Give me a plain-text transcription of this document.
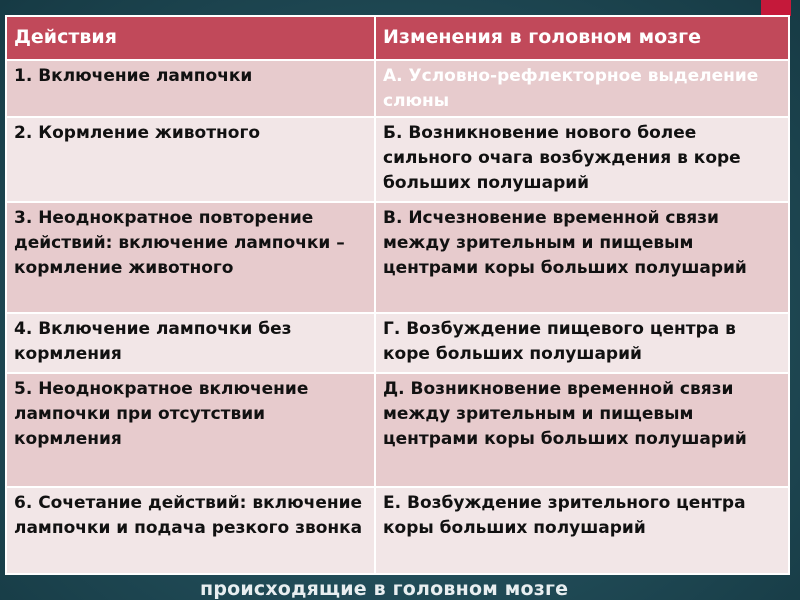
происходящие в головном мозге
Действия	Изменения в головном мозге
1. Включение лампочки	А. Условно-рефлекторное выделение слюны
2. Кормление животного	Б. Возникновение нового более сильного очага возбуждения в коре больших полушарий
3. Неоднократное повторение действий: включение лампочки – кормление животного	В. Исчезновение временной связи между зрительным и пищевым центрами коры больших полушарий
4. Включение лампочки без кормления	Г. Возбуждение пищевого центра в коре больших полушарий
5. Неоднократное включение лампочки при отсутствии кормления	Д. Возникновение временной связи между зрительным и пищевым центрами коры больших полушарий
6. Сочетание действий: включение лампочки и подача резкого звонка	Е. Возбуждение зрительного центра коры больших полушарий
